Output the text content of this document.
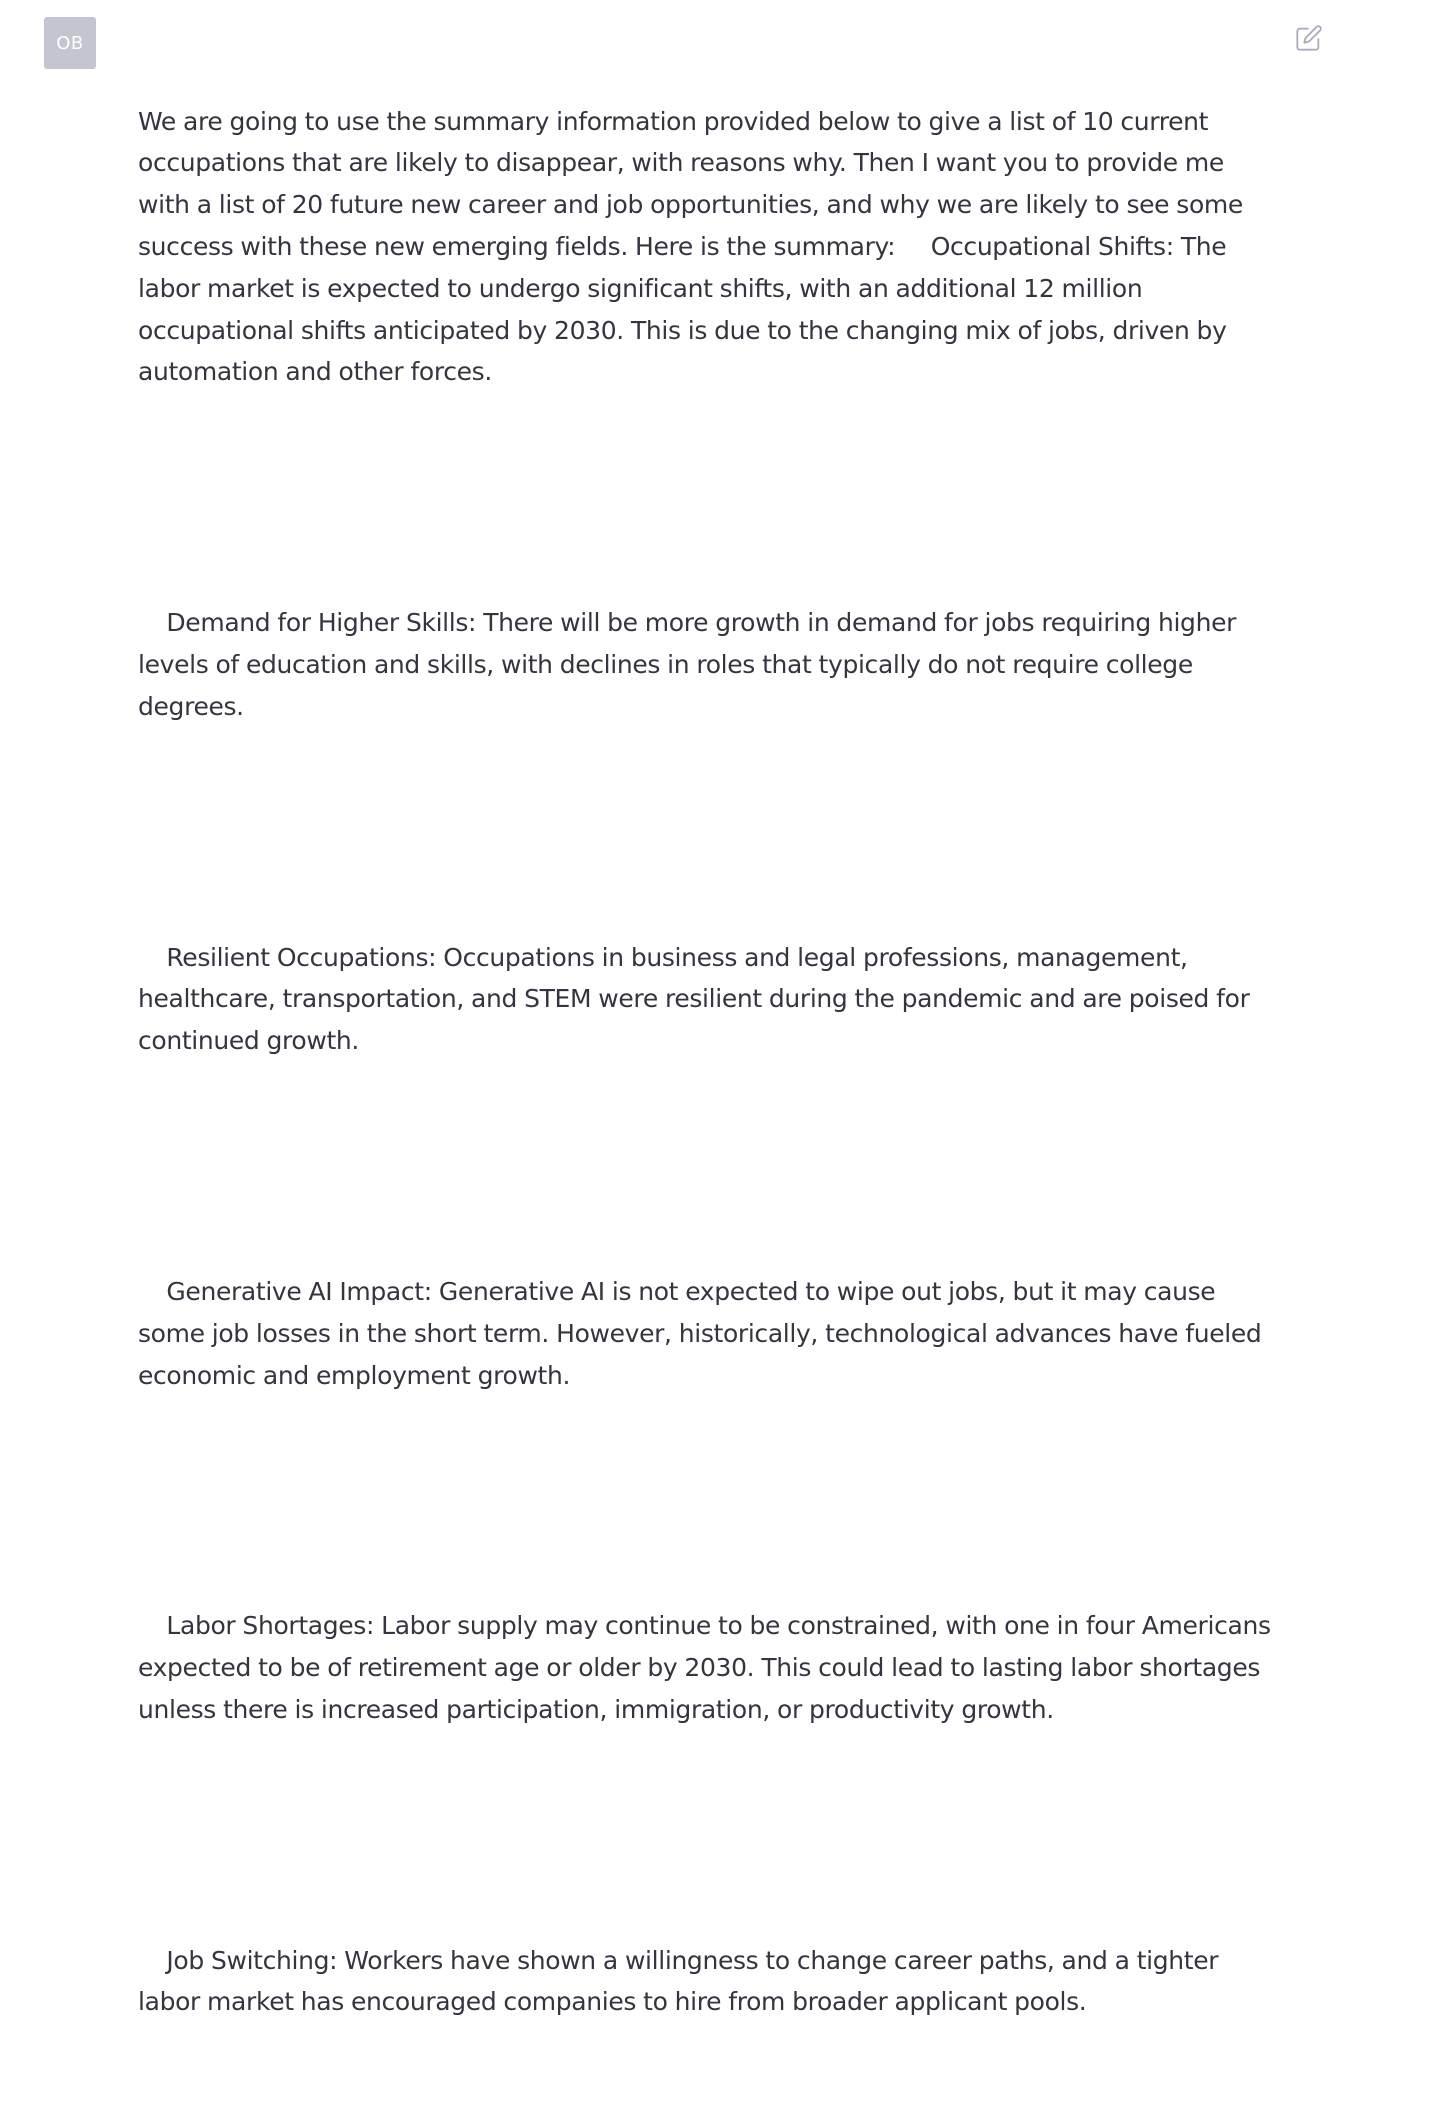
OB

We are going to use the summary information provided below to give a list of 10 current occupations that are likely to disappear, with reasons why. Then I want you to provide me with a list of 20 future new career and job opportunities, and why we are likely to see some success with these new emerging fields. Here is the summary:     Occupational Shifts: The labor market is expected to undergo significant shifts, with an additional 12 million occupational shifts anticipated by 2030. This is due to the changing mix of jobs, driven by automation and other forces.

Demand for Higher Skills: There will be more growth in demand for jobs requiring higher levels of education and skills, with declines in roles that typically do not require college degrees.

Resilient Occupations: Occupations in business and legal professions, management, healthcare, transportation, and STEM were resilient during the pandemic and are poised for continued growth.

Generative AI Impact: Generative AI is not expected to wipe out jobs, but it may cause some job losses in the short term. However, historically, technological advances have fueled economic and employment growth.

Labor Shortages: Labor supply may continue to be constrained, with one in four Americans expected to be of retirement age or older by 2030. This could lead to lasting labor shortages unless there is increased participation, immigration, or productivity growth.

Job Switching: Workers have shown a willingness to change career paths, and a tighter labor market has encouraged companies to hire from broader applicant pools.
